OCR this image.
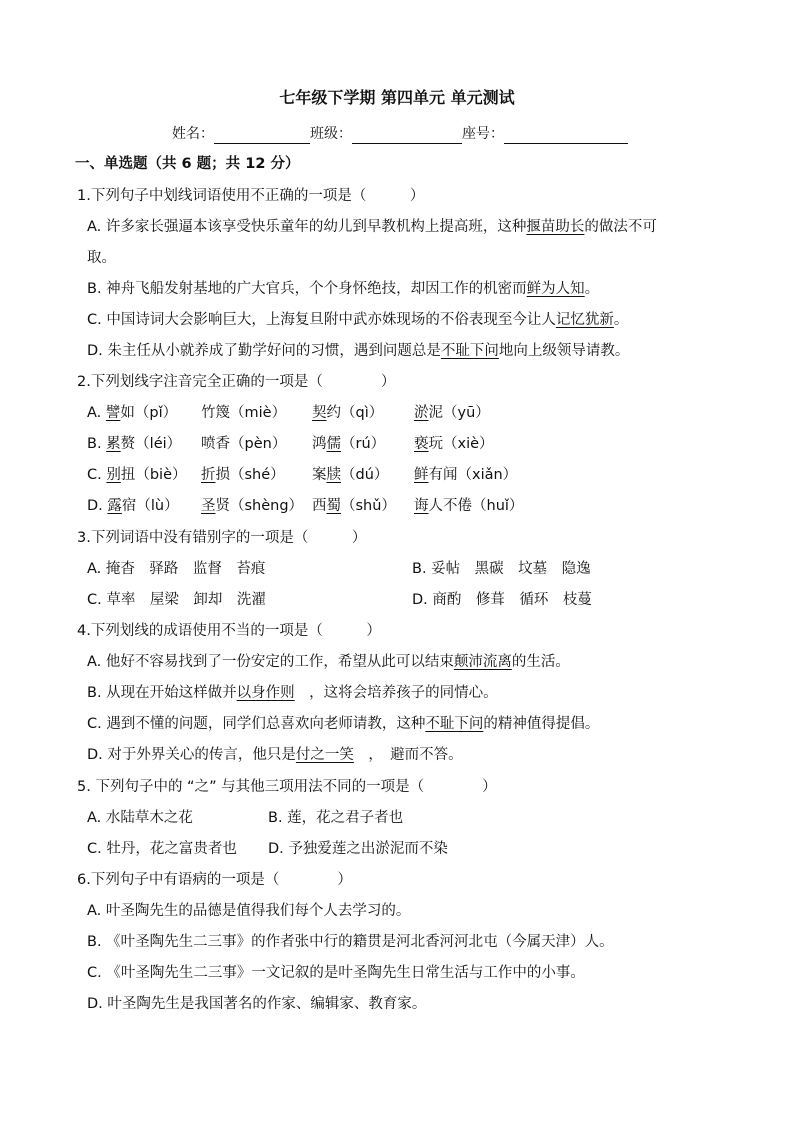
七年级下学期 第四单元 单元测试
姓名：	班级：	座号：
一、单选题（共 6 题；共 12 分）
1.下列句子中划线词语使用不正确的一项是（　　　）
A. 许多家长强逼本该享受快乐童年的幼儿到早教机构上提高班，这种揠苗助长的做法不可
取。
B. 神舟飞船发射基地的广大官兵，个个身怀绝技，却因工作的机密而鲜为人知。
C. 中国诗词大会影响巨大，上海复旦附中武亦姝现场的不俗表现至今让人记忆犹新。
D. 朱主任从小就养成了勤学好问的习惯，遇到问题总是不耻下问地向上级领导请教。
2.下列划线字注音完全正确的一项是（　　　　）
A. 譬如（pǐ） 竹篾（miè） 契约（qì） 淤泥（yū）
B. 累赘（léi） 喷香（pèn） 鸿儒（rú） 亵玩（xiè）
C. 别扭（biè） 折损（shé） 案牍（dú） 鲜有闻（xiǎn）
D. 露宿（lù） 圣贤（shèng） 西蜀（shǔ） 诲人不倦（huǐ）
3.下列词语中没有错别字的一项是（　　　）
A. 掩杳　驿路　监督　苔痕	B. 妥帖　黑碳　坟墓　隐逸
C. 草率　屋梁　卸却　洗濯	D. 商酌　修葺　循环　枝蔓
4.下列划线的成语使用不当的一项是（　　　）
A. 他好不容易找到了一份安定的工作，希望从此可以结束颠沛流离的生活。
B. 从现在开始这样做并以身作则　，这将会培养孩子的同情心。
C. 遇到不懂的问题，同学们总喜欢向老师请教，这种不耻下问的精神值得提倡。
D. 对于外界关心的传言，他只是付之一笑　，　避而不答。
5. 下列句子中的 “之” 与其他三项用法不同的一项是（　　　　）
A. 水陆草木之花	B. 莲，花之君子者也
C. 牡丹，花之富贵者也 D. 予独爱莲之出淤泥而不染
6.下列句子中有语病的一项是（　　　　）
A. 叶圣陶先生的品德是值得我们每个人去学习的。
B. 《叶圣陶先生二三事》的作者张中行的籍贯是河北香河河北屯（今属天津）人。
C. 《叶圣陶先生二三事》一文记叙的是叶圣陶先生日常生活与工作中的小事。
D. 叶圣陶先生是我国著名的作家、编辑家、教育家。
